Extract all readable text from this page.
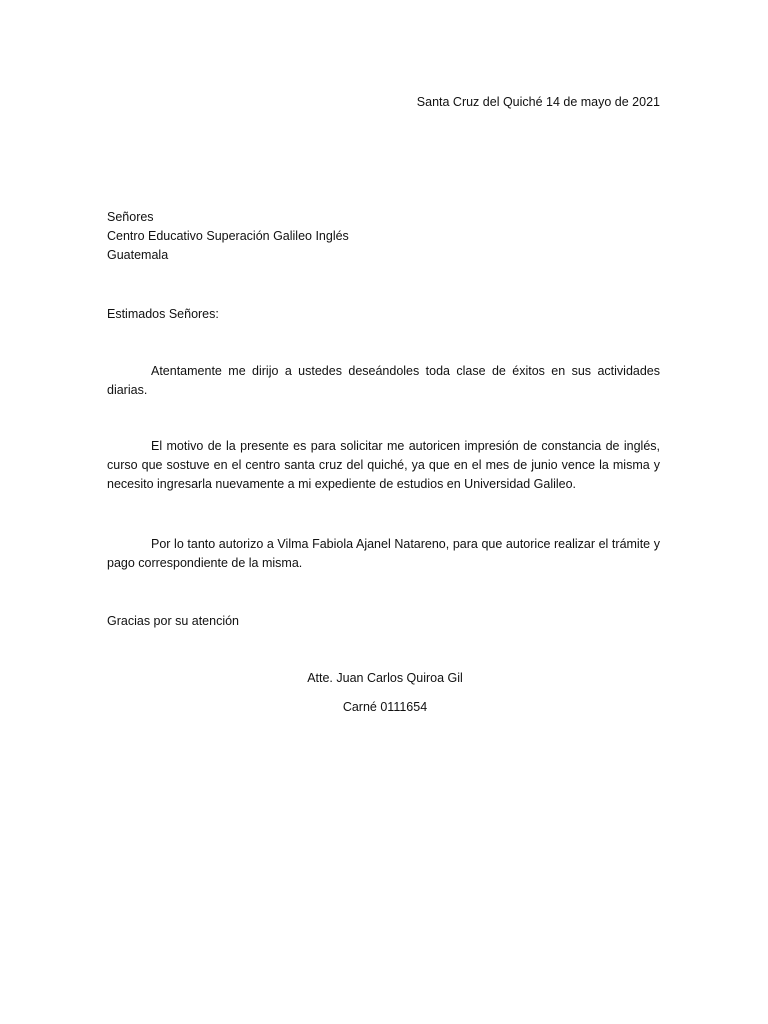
Santa Cruz del Quiché 14 de mayo de 2021
Señores
Centro Educativo Superación Galileo Inglés
Guatemala
Estimados Señores:
Atentamente me dirijo a ustedes deseándoles toda clase de éxitos en sus actividades diarias.
El motivo de la presente es para solicitar me autoricen impresión de constancia de inglés, curso que sostuve en el centro santa cruz del quiché, ya que en el mes de junio vence la misma y necesito ingresarla nuevamente a mi expediente de estudios en Universidad Galileo.
Por lo tanto autorizo a Vilma Fabiola Ajanel Natareno, para que autorice realizar el trámite y pago correspondiente de la misma.
Gracias por su atención
Atte. Juan Carlos Quiroa Gil
Carné 0111654
